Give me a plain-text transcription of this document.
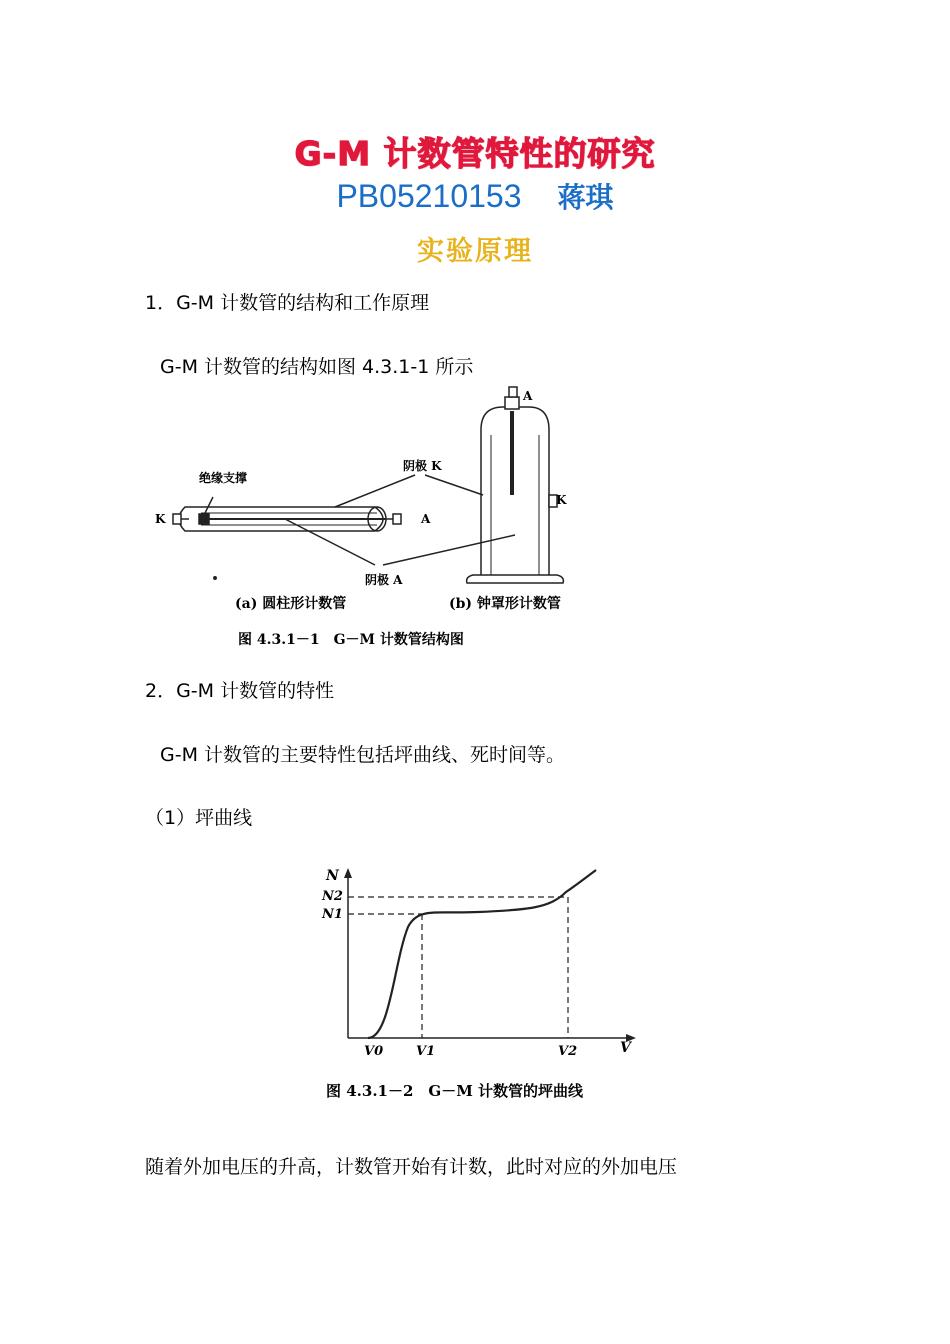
G-M 计数管特性的研究
PB05210153 蒋琪
实验原理
1．G-M 计数管的结构和工作原理
G-M 计数管的结构如图 4.3.1-1 所示
绝缘支撑
阴极 K
阴极 A
K	A
A
K
(a) 圆柱形计数管	(b) 钟罩形计数管
图 4.3.1－1　G－M 计数管结构图
2．G-M 计数管的特性
G-M 计数管的主要特性包括坪曲线、死时间等。
（1）坪曲线
N
N2
N1
V0	V1	V2	V
图 4.3.1－2　G－M 计数管的坪曲线
随着外加电压的升高，计数管开始有计数，此时对应的外加电压
